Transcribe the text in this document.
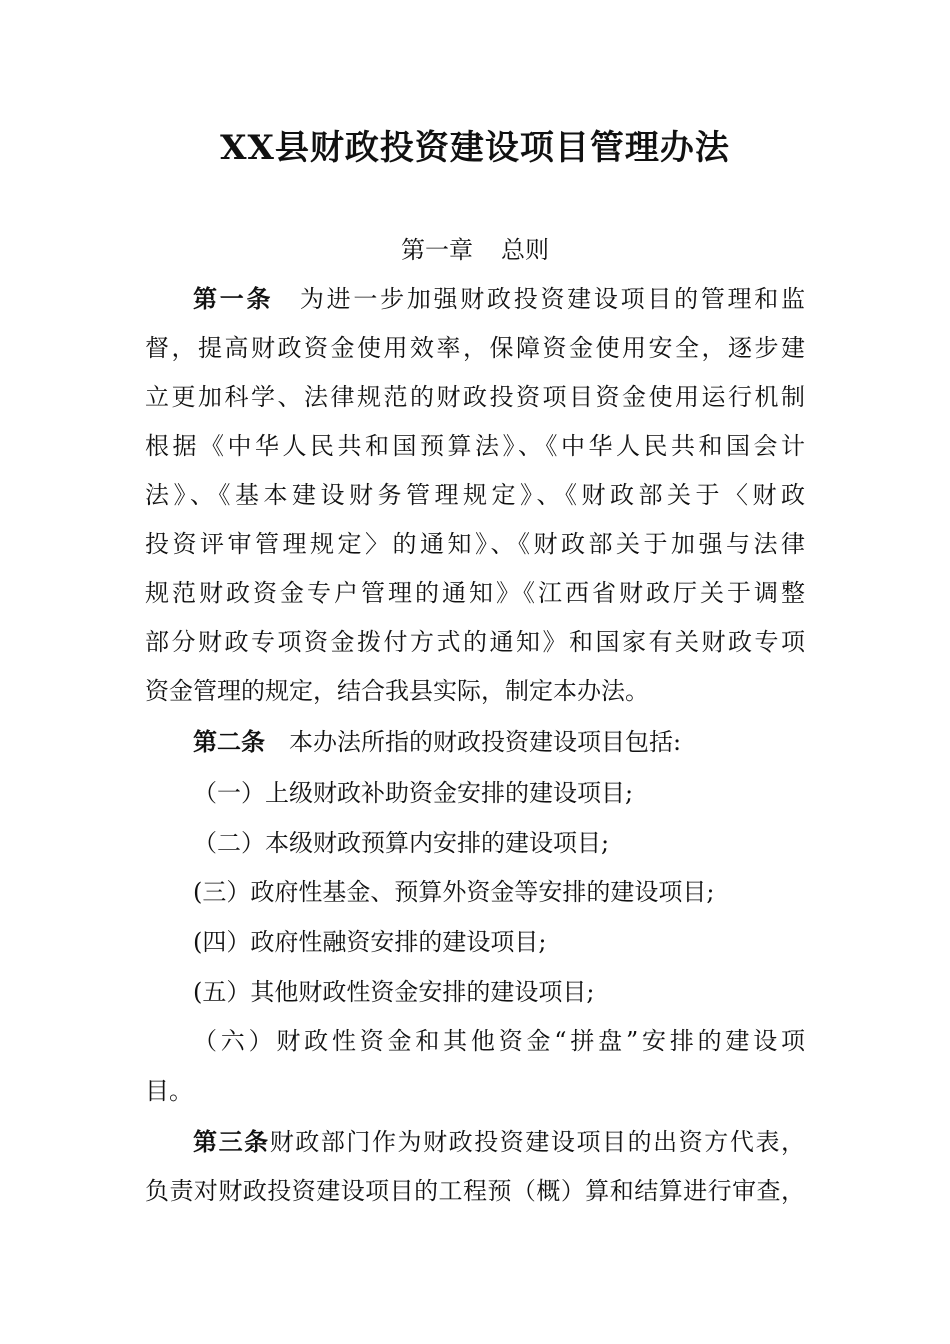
XX县财政投资建设项目管理办法
第一章 总则
第一条 为进一步加强财政投资建设项目的管理和监
督，提高财政资金使用效率，保障资金使用安全，逐步建
立更加科学、法律规范的财政投资项目资金使用运行机制
根据《中华人民共和国预算法》、《中华人民共和国会计
法》、《基本建设财务管理规定》、《财政部关于〈财政
投资评审管理规定〉的通知》、《财政部关于加强与法律
规范财政资金专户管理的通知》《江西省财政厅关于调整
部分财政专项资金拨付方式的通知》和国家有关财政专项
资金管理的规定，结合我县实际，制定本办法。
第二条 本办法所指的财政投资建设项目包括:
（一）上级财政补助资金安排的建设项目;
（二）本级财政预算内安排的建设项目;
(三）政府性基金、预算外资金等安排的建设项目;
(四）政府性融资安排的建设项目;
(五）其他财政性资金安排的建设项目;
（六）财政性资金和其他资金“拼盘”安排的建设项
目。
第三条财政部门作为财政投资建设项目的出资方代表，
负责对财政投资建设项目的工程预（概）算和结算进行审查，
